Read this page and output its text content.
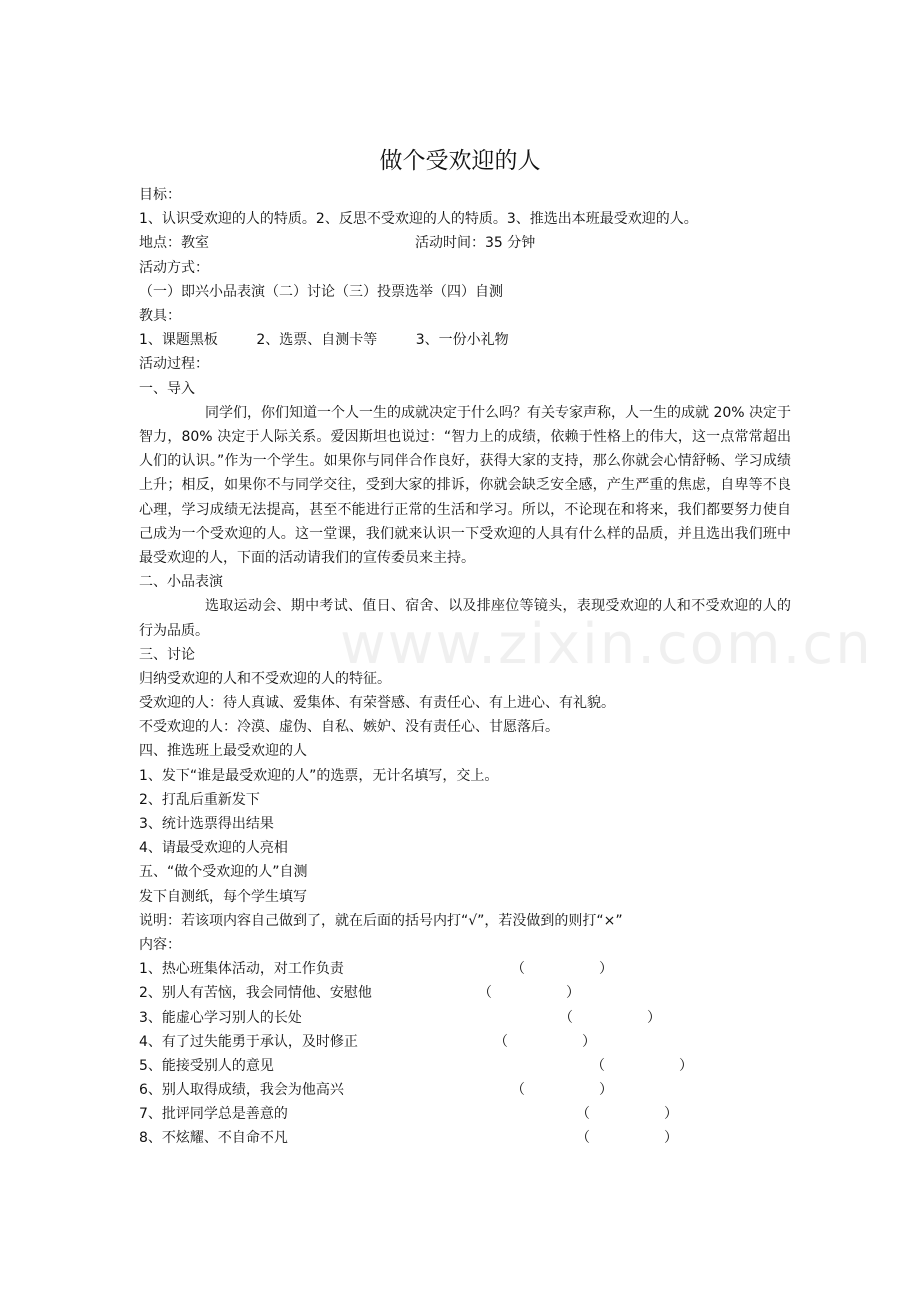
www.zixin.com.cn
做个受欢迎的人
目标：
1、认识受欢迎的人的特质。2、反思不受欢迎的人的特质。3、推选出本班最受欢迎的人。
地点：教室	活动时间：35 分钟
活动方式：
（一）即兴小品表演（二）讨论（三）投票选举（四）自测
教具：
1、课题黑板	2、选票、自测卡等	3、一份小礼物
活动过程：
一、导入
同学们，你们知道一个人一生的成就决定于什么吗？有关专家声称，人一生的成就 20% 决定于智力，80% 决定于人际关系。爱因斯坦也说过：“智力上的成绩，依赖于性格上的伟大，这一点常常超出人们的认识。”作为一个学生。如果你与同伴合作良好，获得大家的支持，那么你就会心情舒畅、学习成绩上升；相反，如果你不与同学交往，受到大家的排诉，你就会缺乏安全感，产生严重的焦虑，自卑等不良心理，学习成绩无法提高，甚至不能进行正常的生活和学习。所以，不论现在和将来，我们都要努力使自己成为一个受欢迎的人。这一堂课，我们就来认识一下受欢迎的人具有什么样的品质，并且选出我们班中最受欢迎的人，下面的活动请我们的宣传委员来主持。
二、小品表演
选取运动会、期中考试、值日、宿舍、以及排座位等镜头，表现受欢迎的人和不受欢迎的人的行为品质。
三、讨论
归纳受欢迎的人和不受欢迎的人的特征。
受欢迎的人：待人真诚、爱集体、有荣誉感、有责任心、有上进心、有礼貌。
不受欢迎的人：冷漠、虚伪、自私、嫉妒、没有责任心、甘愿落后。
四、推选班上最受欢迎的人
1、发下“谁是最受欢迎的人”的选票，无计名填写，交上。
2、打乱后重新发下
3、统计选票得出结果
4、请最受欢迎的人亮相
五、“做个受欢迎的人”自测
发下自测纸，每个学生填写
说明：若该项内容自己做到了，就在后面的括号内打“√”，若没做到的则打“×”
内容：
1、热心班集体活动，对工作负责	（	）
2、别人有苦恼，我会同情他、安慰他	（	）
3、能虚心学习别人的长处	（	）
4、有了过失能勇于承认，及时修正	（	）
5、能接受别人的意见	（	）
6、别人取得成绩，我会为他高兴	（	）
7、批评同学总是善意的	（	）
8、不炫耀、不自命不凡	（	）
